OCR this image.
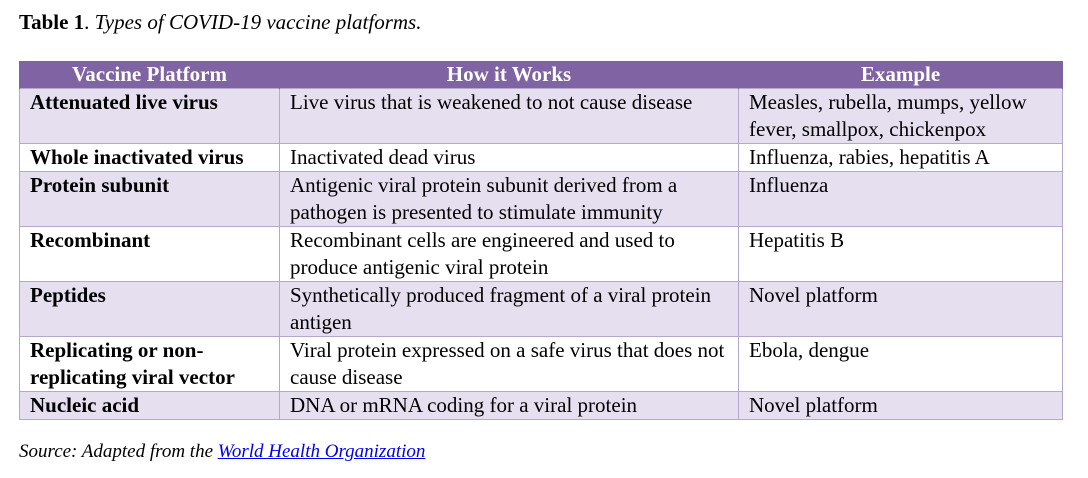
Table 1. Types of COVID-19 vaccine platforms.
Vaccine Platform	How it Works	Example
Attenuated live virus	Live virus that is weakened to not cause disease	Measles, rubella, mumps, yellow fever, smallpox, chickenpox
Whole inactivated virus	Inactivated dead virus	Influenza, rabies, hepatitis A
Protein subunit	Antigenic viral protein subunit derived from a pathogen is presented to stimulate immunity	Influenza
Recombinant	Recombinant cells are engineered and used to produce antigenic viral protein	Hepatitis B
Peptides	Synthetically produced fragment of a viral protein antigen	Novel platform
Replicating or non-replicating viral vector	Viral protein expressed on a safe virus that does not cause disease	Ebola, dengue
Nucleic acid	DNA or mRNA coding for a viral protein	Novel platform
Source: Adapted from the World Health Organization
